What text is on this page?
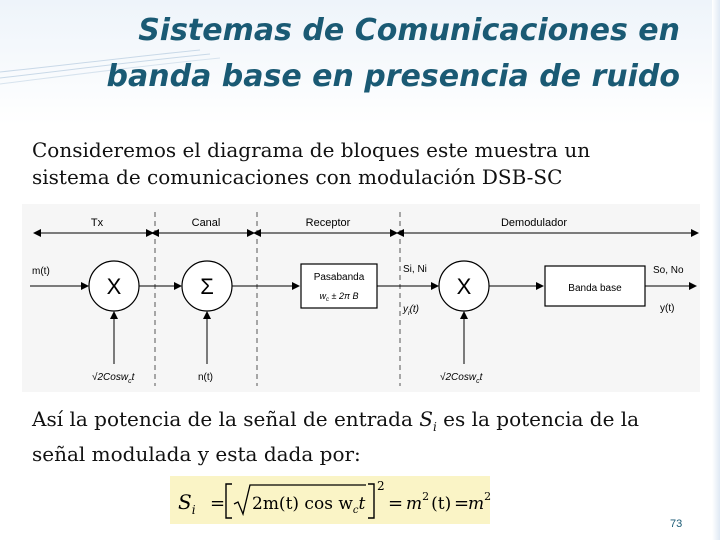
Sistemas de Comunicaciones en
banda base en presencia de ruido

Consideremos el diagrama de bloques este muestra un
sistema de comunicaciones con modulación DSB-SC

Tx	Canal	Receptor	Demodulador
m(t)
X
√2Cosw$_c$t
Σ
n(t)
Pasabanda
$w_c \pm 2\pi$ B
Si, Ni
$y_i(t)$
X
√2Cosw$_c$t
Banda base
So, No
y(t)

Así la potencia de la señal de entrada $S_i$ es la potencia de la
señal modulada y esta dada por:

$S_i = 2m(t)$ $\cos w_ct$
2
= $m^2$ (t) =
$m^2$
73
